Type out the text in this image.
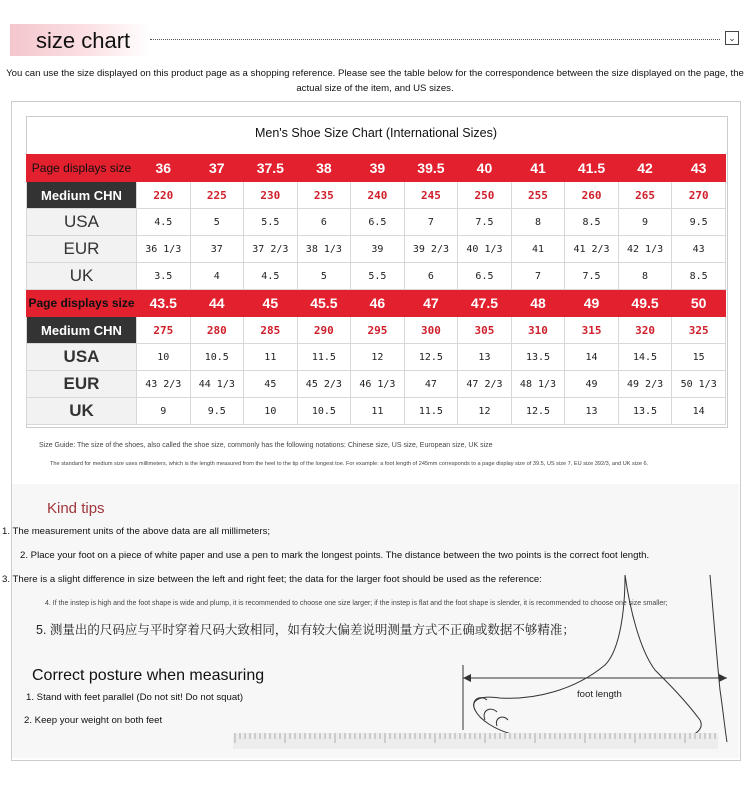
size chart	⌄
You can use the size displayed on this product page as a shopping reference. Please see the table below for the correspondence between the size displayed on the page, the actual size of the item, and US sizes.
Men's Shoe Size Chart (International Sizes)
Page displays size	36	37	37.5	38	39	39.5	40	41	41.5	42	43
Medium CHN	220	225	230	235	240	245	250	255	260	265	270
USA	4.5	5	5.5	6	6.5	7	7.5	8	8.5	9	9.5
EUR	36 1/3	37	37 2/3	38 1/3	39	39 2/3	40 1/3	41	41 2/3	42 1/3	43
UK	3.5	4	4.5	5	5.5	6	6.5	7	7.5	8	8.5
Page displays size	43.5	44	45	45.5	46	47	47.5	48	49	49.5	50
Medium CHN	275	280	285	290	295	300	305	310	315	320	325
USA	10	10.5	11	11.5	12	12.5	13	13.5	14	14.5	15
EUR	43 2/3	44 1/3	45	45 2/3	46 1/3	47	47 2/3	48 1/3	49	49 2/3	50 1/3
UK	9	9.5	10	10.5	11	11.5	12	12.5	13	13.5	14
Size Guide: The size of the shoes, also called the shoe size, commonly has the following notations: Chinese size, US size, European size, UK size
The standard for medium size uses millimeters, which is the length measured from the heel to the tip of the longest toe. For example: a foot length of 245mm corresponds to a page display size of 39.5, US size 7, EU size 392/3, and UK size 6.
Kind tips
1. The measurement units of the above data are all millimeters;
2. Place your foot on a piece of white paper and use a pen to mark the longest points. The distance between the two points is the correct foot length.
3. There is a slight difference in size between the left and right feet; the data for the larger foot should be used as the reference:
4. If the instep is high and the foot shape is wide and plump, it is recommended to choose one size larger; if the instep is flat and the foot shape is slender, it is recommended to choose one size smaller;
5. 测量出的尺码应与平时穿着尺码大致相同，如有较大偏差说明测量方式不正确或数据不够精准；
Correct posture when measuring
1. Stand with feet parallel (Do not sit! Do not squat)
2. Keep your weight on both feet
foot length
